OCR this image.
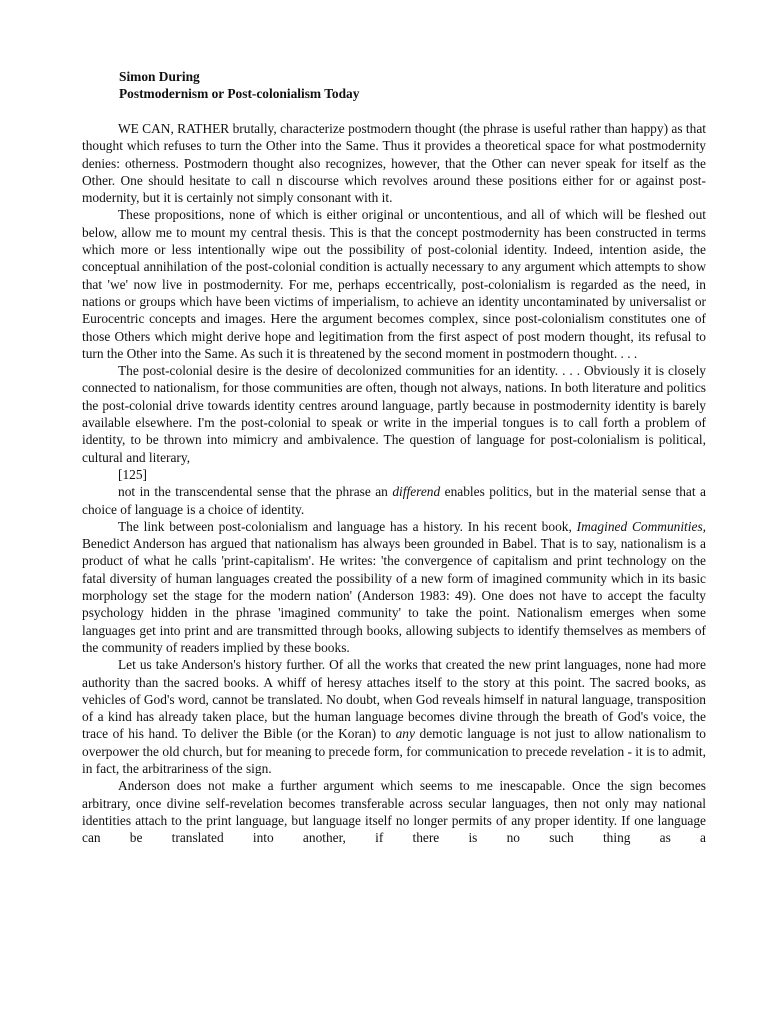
Simon During
Postmodernism or Post-colonialism Today

WE CAN, RATHER brutally, characterize postmodern thought (the phrase is useful rather than happy) as that thought which refuses to turn the Other into the Same. Thus it provides a theoretical space for what postmodernity denies: otherness. Postmodern thought also recognizes, however, that the Other can never speak for itself as the Other. One should hesitate to call n discourse which revolves around these positions either for or against post-modernity, but it is certainly not simply consonant with it.

These propositions, none of which is either original or uncontentious, and all of which will be fleshed out below, allow me to mount my central thesis. This is that the concept postmodernity has been constructed in terms which more or less intentionally wipe out the possibility of post-colonial identity. Indeed, intention aside, the conceptual annihilation of the post-colonial condition is actually necessary to any argument which attempts to show that 'we' now live in postmodernity. For me, perhaps eccentrically, post-colonialism is regarded as the need, in nations or groups which have been victims of imperialism, to achieve an identity uncontaminated by universalist or Eurocentric concepts and images. Here the argument becomes complex, since post-colonialism constitutes one of those Others which might derive hope and legitimation from the first aspect of post modern thought, its refusal to turn the Other into the Same. As such it is threatened by the second moment in postmodern thought. . . .

The post-colonial desire is the desire of decolonized communities for an identity. . . . Obviously it is closely connected to nationalism, for those communities are often, though not always, nations. In both literature and politics the post-colonial drive towards identity centres around language, partly because in postmodernity identity is barely available elsewhere. I'm the post-colonial to speak or write in the imperial tongues is to call forth a problem of identity, to be thrown into mimicry and ambivalence. The question of language for post-colonialism is political, cultural and literary,

[125]

not in the transcendental sense that the phrase an differend enables politics, but in the material sense that a choice of language is a choice of identity.

The link between post-colonialism and language has a history. In his recent book, Imagined Communities, Benedict Anderson has argued that nationalism has always been grounded in Babel. That is to say, nationalism is a product of what he calls 'print-capitalism'. He writes: 'the convergence of capitalism and print technology on the fatal diversity of human languages created the possibility of a new form of imagined community which in its basic morphology set the stage for the modern nation' (Anderson 1983: 49). One does not have to accept the faculty psychology hidden in the phrase 'imagined community' to take the point. Nationalism emerges when some languages get into print and are transmitted through books, allowing subjects to identify themselves as members of the community of readers implied by these books.

Let us take Anderson's history further. Of all the works that created the new print languages, none had more authority than the sacred books. A whiff of heresy attaches itself to the story at this point. The sacred books, as vehicles of God's word, cannot be translated. No doubt, when God reveals himself in natural language, transposition of a kind has already taken place, but the human language becomes divine through the breath of God's voice, the trace of his hand. To deliver the Bible (or the Koran) to any demotic language is not just to allow nationalism to overpower the old church, but for meaning to precede form, for communication to precede revelation - it is to admit, in fact, the arbitrariness of the sign.

Anderson does not make a further argument which seems to me inescapable. Once the sign becomes arbitrary, once divine self-revelation becomes transferable across secular languages, then not only may national identities attach to the print language, but language itself no longer permits of any proper identity. If one language can be translated into another, if there is no such thing as a
